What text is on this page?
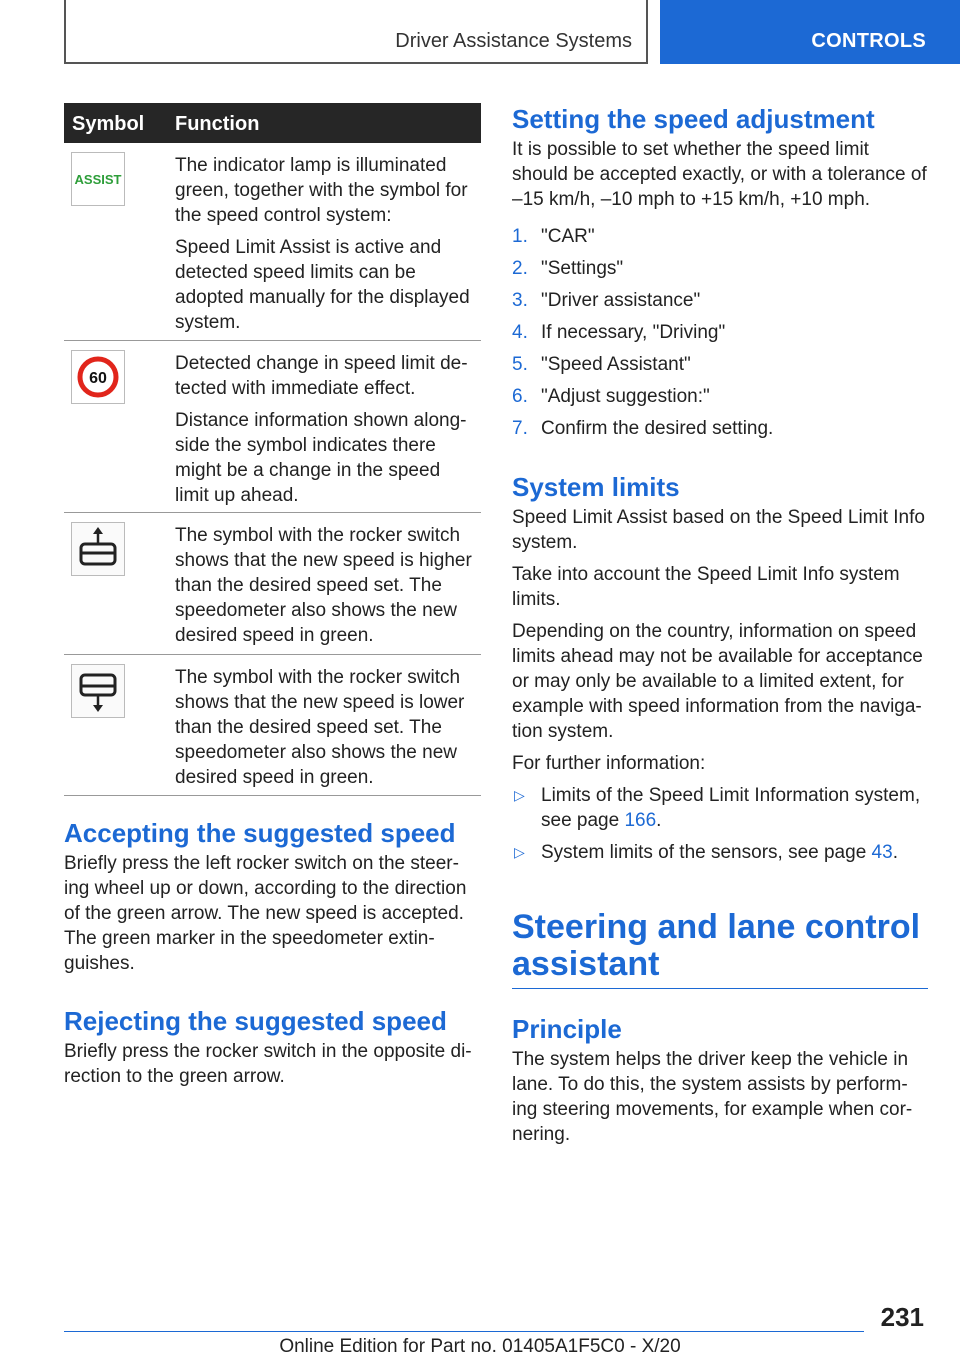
Driver Assistance Systems	CONTROLS
Symbol Function
ASSIST

The indicator lamp is illuminated green, together with the symbol for the speed control system:

Speed Limit Assist is active and detected speed limits can be adopted manually for the displayed system.

60

Detected change in speed limit de-tected with immediate effect.

Distance information shown along-side the symbol indicates there might be a change in the speed limit up ahead.

The symbol with the rocker switch shows that the new speed is higher than the desired speed set. The speedometer also shows the new desired speed in green.

The symbol with the rocker switch shows that the new speed is lower than the desired speed set. The speedometer also shows the new desired speed in green.

Accepting the suggested speed

Briefly press the left rocker switch on the steer-ing wheel up or down, according to the direction of the green arrow. The new speed is accepted. The green marker in the speedometer extin-guishes.

Rejecting the suggested speed

Briefly press the rocker switch in the opposite di-rection to the green arrow.

Setting the speed adjustment

It is possible to set whether the speed limit should be accepted exactly, or with a tolerance of –15 km/h, –10 mph to +15 km/h, +10 mph.

1. "CAR"
2. "Settings"
3. "Driver assistance"
4. If necessary, "Driving"
5. "Speed Assistant"
6. "Adjust suggestion:"
7. Confirm the desired setting.
System limits

Speed Limit Assist based on the Speed Limit Info system.

Take into account the Speed Limit Info system limits.

Depending on the country, information on speed limits ahead may not be available for acceptance or may only be available to a limited extent, for example with speed information from the naviga-tion system.

For further information:

▷ Limits of the Speed Limit Information system, see page 166.
▷ System limits of the sensors, see page 43.
Steering and lane control assistant
Principle

The system helps the driver keep the vehicle in lane. To do this, the system assists by perform-ing steering movements, for example when cor-nering.

231
Online Edition for Part no. 01405A1F5C0 - X/20
